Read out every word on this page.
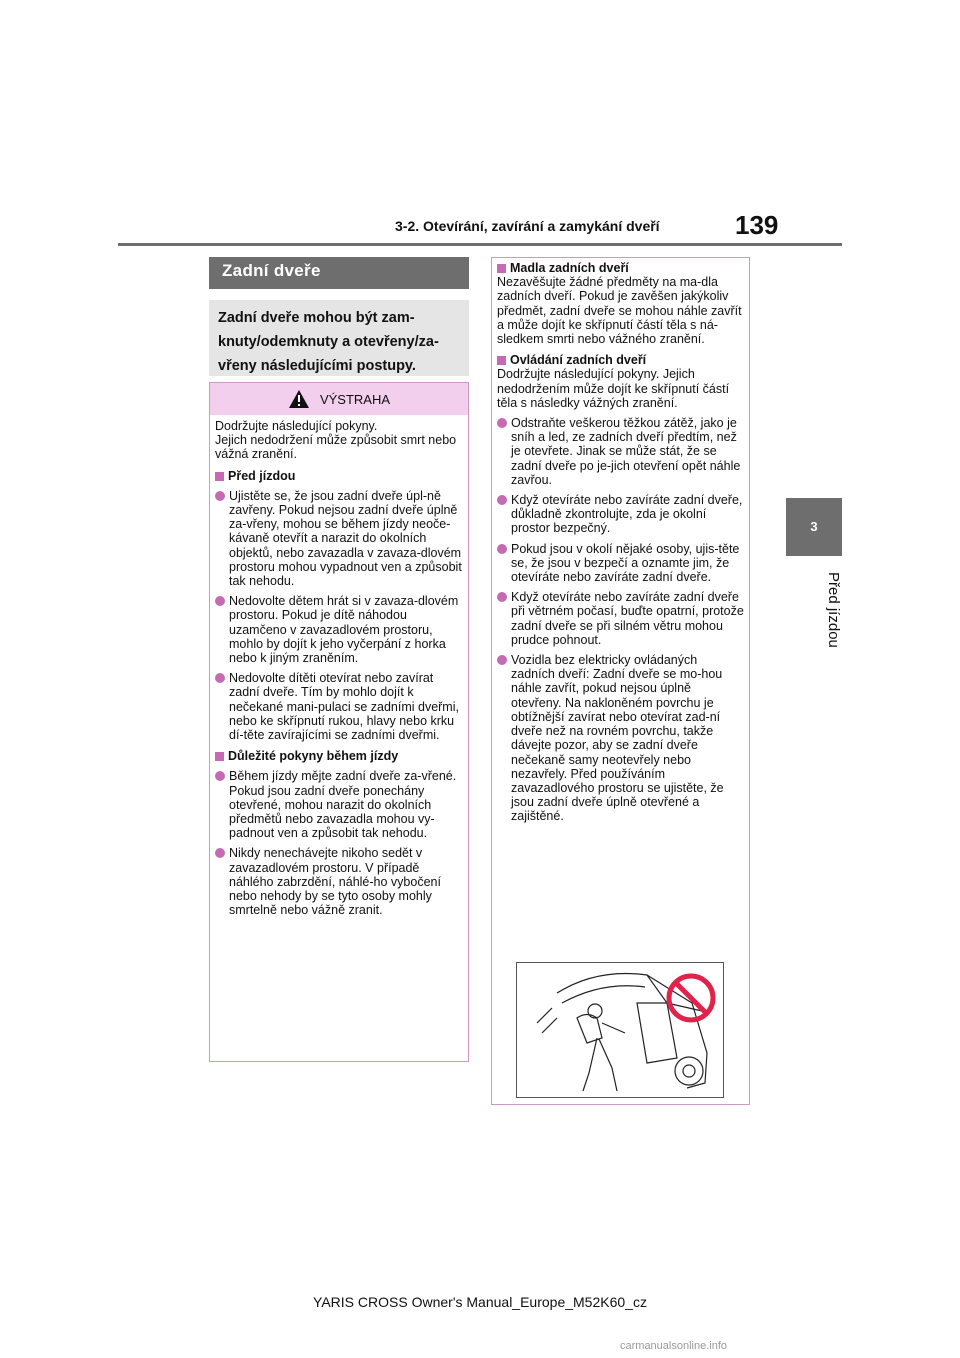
3-2. Otevírání, zavírání a zamykání dveří	139
3
Před jízdou
Zadní dveře
Zadní dveře mohou být zam-knuty/odemknuty a otevřeny/za-vřeny následujícími postupy.
VÝSTRAHA

Dodržujte následující pokyny.

Jejich nedodržení může způsobit smrt nebo vážná zranění.

Před jízdou
Ujistěte se, že jsou zadní dveře úpl-ně zavřeny. Pokud nejsou zadní dveře úplně za-vřeny, mohou se během jízdy neoče-kávaně otevřít a narazit do okolních objektů, nebo zavazadla v zavaza-dlovém prostoru mohou vypadnout ven a způsobit tak nehodu.
Nedovolte dětem hrát si v zavaza-dlovém prostoru. Pokud je dítě náhodou uzamčeno v zavazadlovém prostoru, mohlo by dojít k jeho vyčerpání z horka nebo k jiným zraněním.
Nedovolte dítěti otevírat nebo zavírat zadní dveře. Tím by mohlo dojít k nečekané mani-pulaci se zadními dveřmi, nebo ke skřípnutí rukou, hlavy nebo krku dí-těte zavírajícími se zadními dveřmi.
Důležité pokyny během jízdy
Během jízdy mějte zadní dveře za-vřené. Pokud jsou zadní dveře ponechány otevřené, mohou narazit do okolních předmětů nebo zavazadla mohou vy-padnout ven a způsobit tak nehodu.
Nikdy nenechávejte nikoho sedět v zavazadlovém prostoru. V případě náhlého zabrzdění, náhlé-ho vybočení nebo nehody by se tyto osoby mohly smrtelně nebo vážně zranit.
Madla zadních dveří

Nezavěšujte žádné předměty na ma-dla zadních dveří. Pokud je zavěšen jakýkoliv předmět, zadní dveře se mohou náhle zavřít a může dojít ke skřípnutí částí těla s ná-sledkem smrti nebo vážného zranění.

Ovládání zadních dveří

Dodržujte následující pokyny. Jejich nedodržením může dojít ke skřípnutí částí těla s následky vážných zranění.

Odstraňte veškerou těžkou zátěž, jako je sníh a led, ze zadních dveří předtím, než je otevřete. Jinak se může stát, že se zadní dveře po je-jich otevření opět náhle zavřou.
Když otevíráte nebo zavíráte zadní dveře, důkladně zkontrolujte, zda je okolní prostor bezpečný.
Pokud jsou v okolí nějaké osoby, ujis-těte se, že jsou v bezpečí a oznamte jim, že otevíráte nebo zavíráte zadní dveře.
Když otevíráte nebo zavíráte zadní dveře při větrném počasí, buďte opatrní, protože zadní dveře se při silném větru mohou prudce pohnout.
Vozidla bez elektricky ovládaných zadních dveří: Zadní dveře se mo-hou náhle zavřít, pokud nejsou úplně otevřeny. Na nakloněném povrchu je obtížnější zavírat nebo otevírat zad-ní dveře než na rovném povrchu, takže dávejte pozor, aby se zadní dveře nečekaně samy neotevřely nebo nezavřely. Před používáním zavazadlového prostoru se ujistěte, že jsou zadní dveře úplně otevřené a zajištěné.
YARIS CROSS Owner's Manual_Europe_M52K60_cz
carmanualsonline.info
